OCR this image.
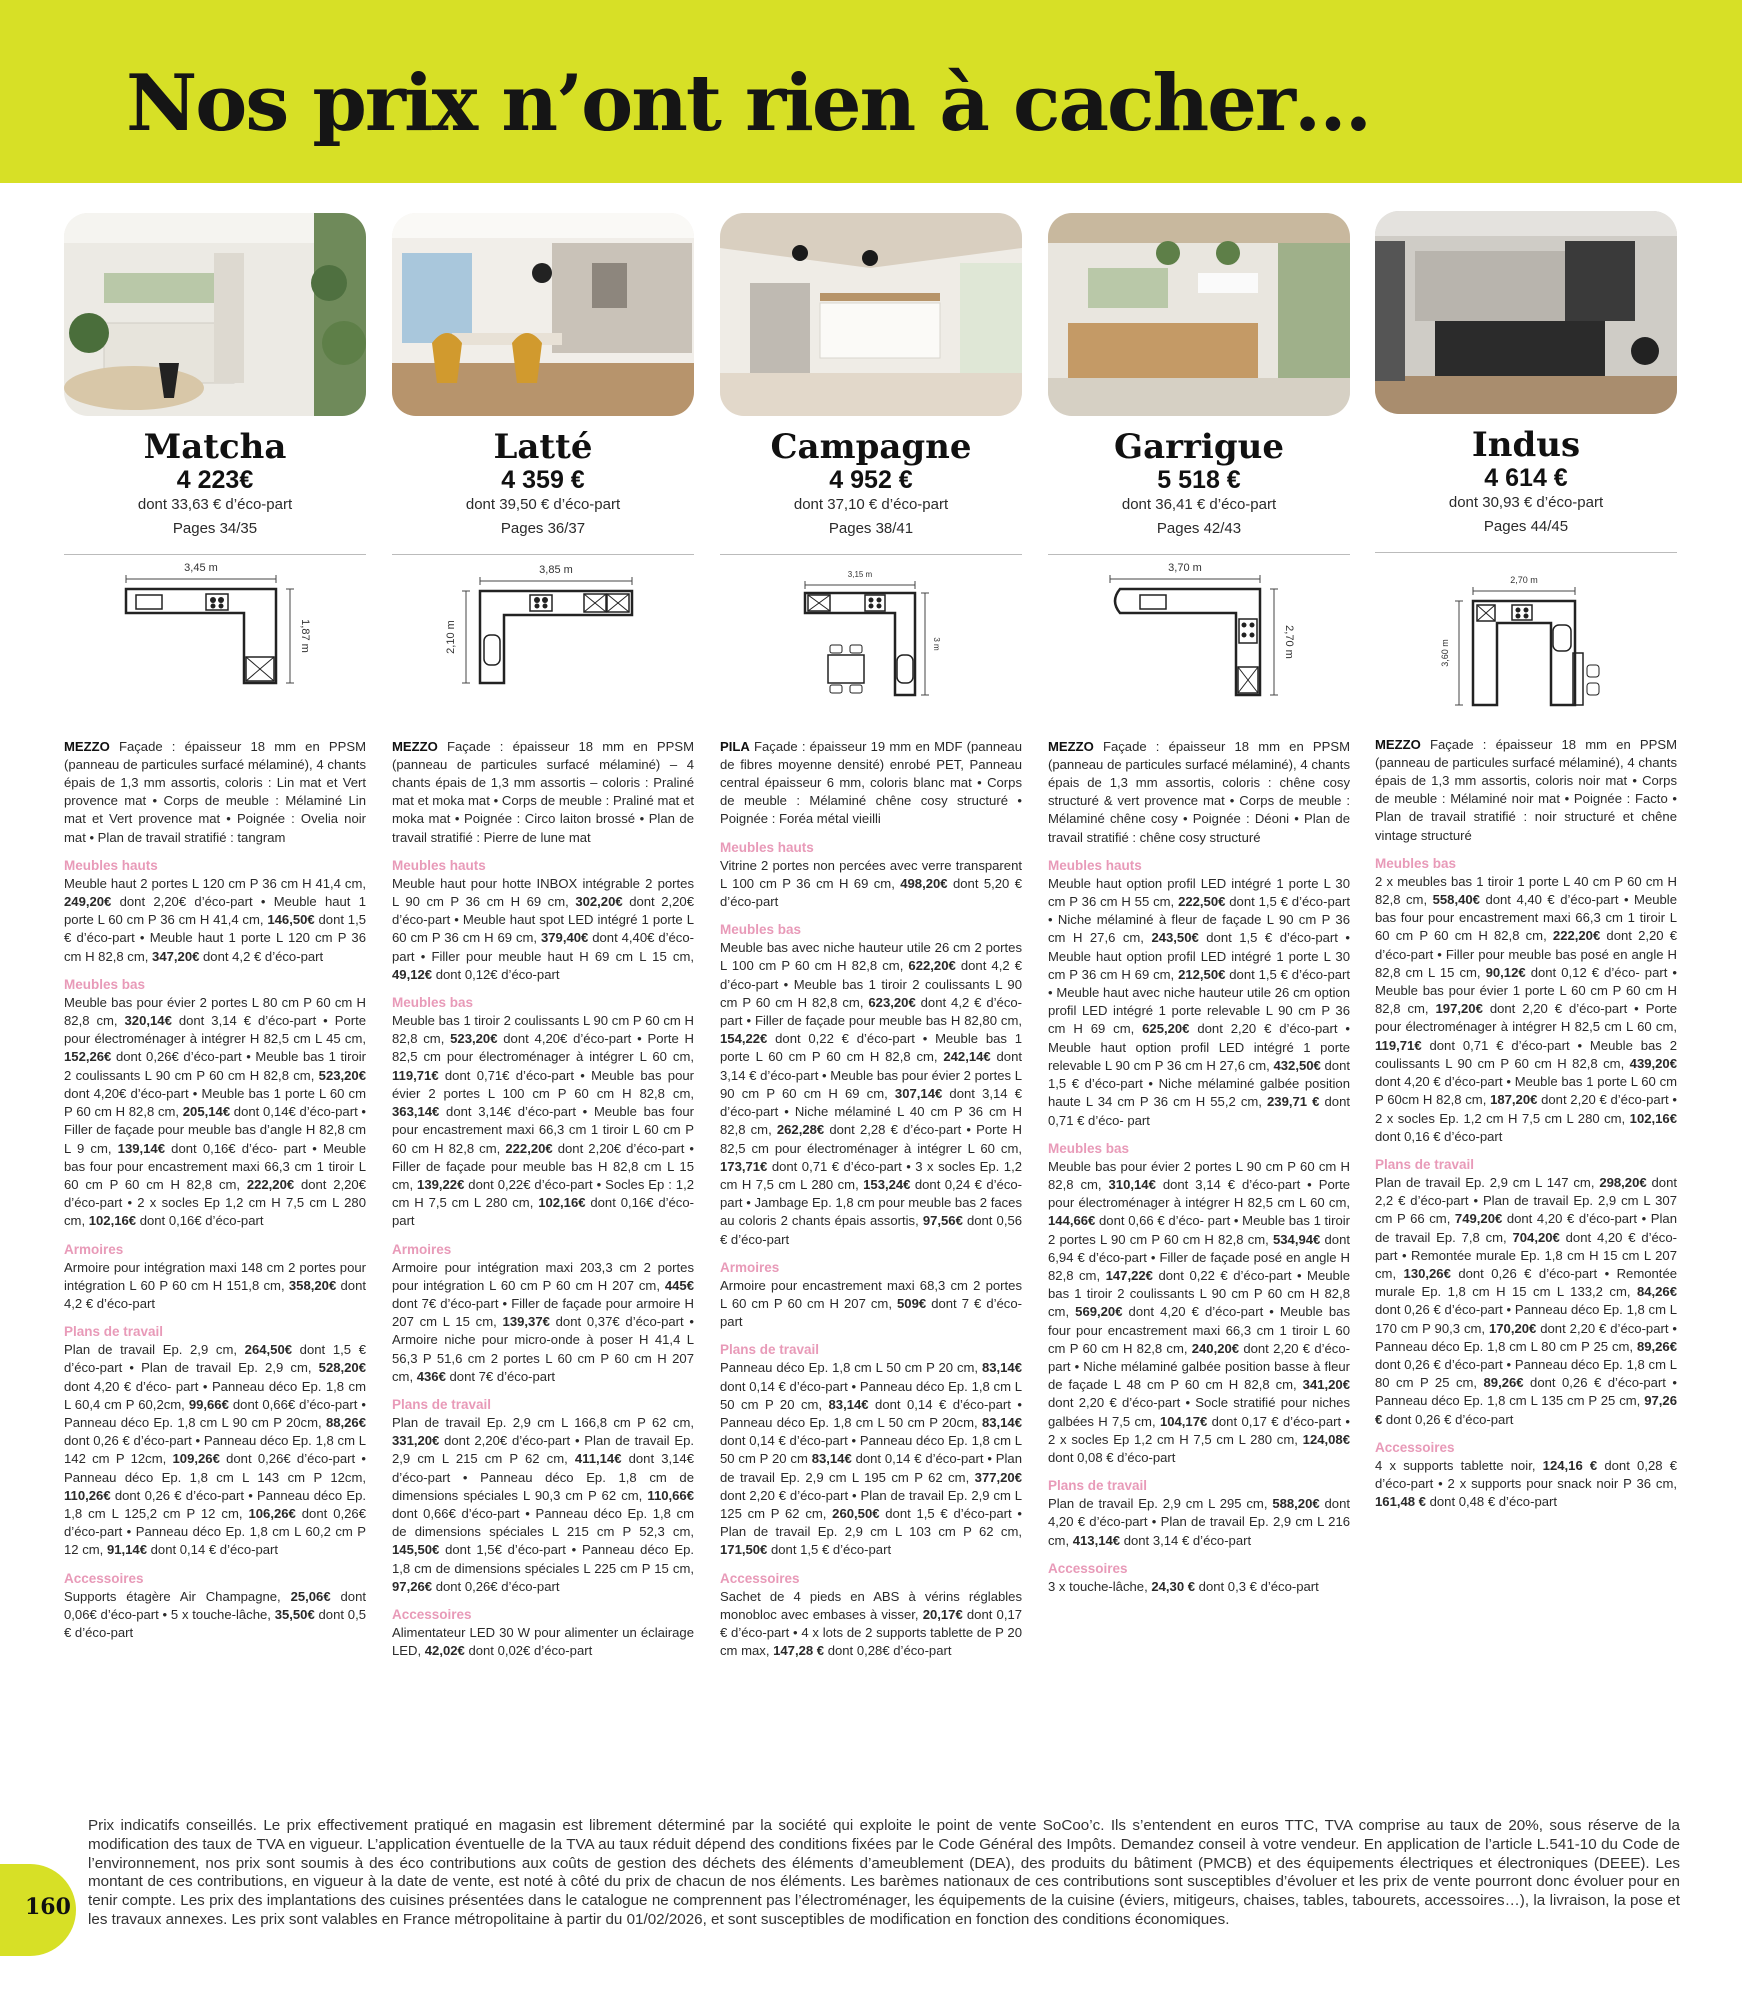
Nos prix n’ont rien à cacher…
Matcha
4 223€
dont 33,63 € d’éco-part
Pages 34/35
3,45 m
1,87 m
MEZZO Façade : épaisseur 18 mm en PPSM (panneau de particules surfacé mélaminé), 4 chants épais de 1,3 mm assortis, coloris : Lin mat et Vert provence mat • Corps de meuble : Mélaminé Lin mat et Vert provence mat • Poignée : Ovelia noir mat • Plan de travail stratifié : tangram
Meubles hauts
Meuble haut 2 portes L 120 cm P 36 cm H 41,4 cm, 249,20€ dont 2,20€ d’éco-part • Meuble haut 1 porte L 60 cm P 36 cm H 41,4 cm, 146,50€ dont 1,5 € d’éco-part • Meuble haut 1 porte L 120 cm P 36 cm H 82,8 cm, 347,20€ dont 4,2 € d’éco-part
Meubles bas
Meuble bas pour évier 2 portes L 80 cm P 60 cm H 82,8 cm, 320,14€ dont 3,14 € d’éco-part • Porte pour électroménager à intégrer H 82,5 cm L 45 cm, 152,26€ dont 0,26€ d’éco-part • Meuble bas 1 tiroir 2 coulissants L 90 cm P 60 cm H 82,8 cm, 523,20€ dont 4,20€ d’éco-part • Meuble bas 1 porte L 60 cm P 60 cm H 82,8 cm, 205,14€ dont 0,14€ d’éco-part • Filler de façade pour meuble bas d’angle H 82,8 cm L 9 cm, 139,14€ dont 0,16€ d’éco- part • Meuble bas four pour encastrement maxi 66,3 cm 1 tiroir L 60 cm P 60 cm H 82,8 cm, 222,20€ dont 2,20€ d’éco-part • 2 x socles Ep 1,2 cm H 7,5 cm L 280 cm, 102,16€ dont 0,16€ d’éco-part
Armoires
Armoire pour intégration maxi 148 cm 2 portes pour intégration L 60 P 60 cm H 151,8 cm, 358,20€ dont 4,2 € d’éco-part
Plans de travail
Plan de travail Ep. 2,9 cm, 264,50€ dont 1,5 € d’éco-part • Plan de travail Ep. 2,9 cm, 528,20€ dont 4,20 € d’éco- part • Panneau déco Ep. 1,8 cm L 60,4 cm P 60,2cm, 99,66€ dont 0,66€ d’éco-part • Panneau déco Ep. 1,8 cm L 90 cm P 20cm, 88,26€ dont 0,26 € d’éco-part • Panneau déco Ep. 1,8 cm L 142 cm P 12cm, 109,26€ dont 0,26€ d’éco-part • Panneau déco Ep. 1,8 cm L 143 cm P 12cm, 110,26€ dont 0,26 € d’éco-part • Panneau déco Ep. 1,8 cm L 125,2 cm P 12 cm, 106,26€ dont 0,26€ d’éco-part • Panneau déco Ep. 1,8 cm L 60,2 cm P 12 cm, 91,14€ dont 0,14 € d’éco-part
Accessoires
Supports étagère Air Champagne, 25,06€ dont 0,06€ d’éco-part • 5 x touche-lâche, 35,50€ dont 0,5 € d’éco-part
Latté
4 359 €
dont 39,50 € d’éco-part
Pages 36/37
3,85 m
2,10 m
MEZZO Façade : épaisseur 18 mm en PPSM (panneau de particules surfacé mélaminé) – 4 chants épais de 1,3 mm assortis – coloris : Praliné mat et moka mat • Corps de meuble : Praliné mat et moka mat • Poignée : Circo laiton brossé • Plan de travail stratifié : Pierre de lune mat
Meubles hauts
Meuble haut pour hotte INBOX intégrable 2 portes L 90 cm P 36 cm H 69 cm, 302,20€ dont 2,20€ d’éco-part • Meuble haut spot LED intégré 1 porte L 60 cm P 36 cm H 69 cm, 379,40€ dont 4,40€ d’éco-part • Filler pour meuble haut H 69 cm L 15 cm, 49,12€ dont 0,12€ d’éco-part
Meubles bas
Meuble bas 1 tiroir 2 coulissants L 90 cm P 60 cm H 82,8 cm, 523,20€ dont 4,20€ d’éco-part • Porte H 82,5 cm pour électroménager à intégrer L 60 cm, 119,71€ dont 0,71€ d’éco-part • Meuble bas pour évier 2 portes L 100 cm P 60 cm H 82,8 cm, 363,14€ dont 3,14€ d’éco-part • Meuble bas four pour encastrement maxi 66,3 cm 1 tiroir L 60 cm P 60 cm H 82,8 cm, 222,20€ dont 2,20€ d’éco-part • Filler de façade pour meuble bas H 82,8 cm L 15 cm, 139,22€ dont 0,22€ d’éco-part • Socles Ep : 1,2 cm H 7,5 cm L 280 cm, 102,16€ dont 0,16€ d’éco-part
Armoires
Armoire pour intégration maxi 203,3 cm 2 portes pour intégration L 60 cm P 60 cm H 207 cm, 445€ dont 7€ d’éco-part • Filler de façade pour armoire H 207 cm L 15 cm, 139,37€ dont 0,37€ d’éco-part • Armoire niche pour micro-onde à poser H 41,4 L 56,3 P 51,6 cm 2 portes L 60 cm P 60 cm H 207 cm, 436€ dont 7€ d’éco-part
Plans de travail
Plan de travail Ep. 2,9 cm L 166,8 cm P 62 cm, 331,20€ dont 2,20€ d’éco-part • Plan de travail Ep. 2,9 cm L 215 cm P 62 cm, 411,14€ dont 3,14€ d’éco-part • Panneau déco Ep. 1,8 cm de dimensions spéciales L 90,3 cm P 62 cm, 110,66€ dont 0,66€ d’éco-part • Panneau déco Ep. 1,8 cm de dimensions spéciales L 215 cm P 52,3 cm, 145,50€ dont 1,5€ d’éco-part • Panneau déco Ep. 1,8 cm de dimensions spéciales L 225 cm P 15 cm, 97,26€ dont 0,26€ d’éco-part
Accessoires
Alimentateur LED 30 W pour alimenter un éclairage LED, 42,02€ dont 0,02€ d’éco-part
Campagne
4 952 €
dont 37,10 € d’éco-part
Pages 38/41
3,15 m
3 m
PILA Façade : épaisseur 19 mm en MDF (panneau de fibres moyenne densité) enrobé PET, Panneau central épaisseur 6 mm, coloris blanc mat • Corps de meuble : Mélaminé chêne cosy structuré • Poignée : Foréa métal vieilli
Meubles hauts
Vitrine 2 portes non percées avec verre transparent L 100 cm P 36 cm H 69 cm, 498,20€ dont 5,20 € d’éco-part
Meubles bas
Meuble bas avec niche hauteur utile 26 cm 2 portes L 100 cm P 60 cm H 82,8 cm, 622,20€ dont 4,2 € d’éco-part • Meuble bas 1 tiroir 2 coulissants L 90 cm P 60 cm H 82,8 cm, 623,20€ dont 4,2 € d’éco-part • Filler de façade pour meuble bas H 82,80 cm, 154,22€ dont 0,22 € d’éco-part • Meuble bas 1 porte L 60 cm P 60 cm H 82,8 cm, 242,14€ dont 3,14 € d’éco-part • Meuble bas pour évier 2 portes L 90 cm P 60 cm H 69 cm, 307,14€ dont 3,14 € d’éco-part • Niche mélaminé L 40 cm P 36 cm H 82,8 cm, 262,28€ dont 2,28 € d’éco-part • Porte H 82,5 cm pour électroménager à intégrer L 60 cm, 173,71€ dont 0,71 € d’éco-part • 3 x socles Ep. 1,2 cm H 7,5 cm L 280 cm, 153,24€ dont 0,24 € d’éco-part • Jambage Ep. 1,8 cm pour meuble bas 2 faces au coloris 2 chants épais assortis, 97,56€ dont 0,56 € d’éco-part
Armoires
Armoire pour encastrement maxi 68,3 cm 2 portes L 60 cm P 60 cm H 207 cm, 509€ dont 7 € d’éco-part
Plans de travail
Panneau déco Ep. 1,8 cm L 50 cm P 20 cm, 83,14€ dont 0,14 € d’éco-part • Panneau déco Ep. 1,8 cm L 50 cm P 20 cm, 83,14€ dont 0,14 € d’éco-part • Panneau déco Ep. 1,8 cm L 50 cm P 20cm, 83,14€ dont 0,14 € d’éco-part • Panneau déco Ep. 1,8 cm L 50 cm P 20 cm 83,14€ dont 0,14 € d’éco-part • Plan de travail Ep. 2,9 cm L 195 cm P 62 cm, 377,20€ dont 2,20 € d’éco-part • Plan de travail Ep. 2,9 cm L 125 cm P 62 cm, 260,50€ dont 1,5 € d’éco-part • Plan de travail Ep. 2,9 cm L 103 cm P 62 cm, 171,50€ dont 1,5 € d’éco-part
Accessoires
Sachet de 4 pieds en ABS à vérins réglables monobloc avec embases à visser, 20,17€ dont 0,17 € d’éco-part • 4 x lots de 2 supports tablette de P 20 cm max, 147,28 € dont 0,28€ d’éco-part
Garrigue
5 518 €
dont 36,41 € d’éco-part
Pages 42/43
3,70 m
2,70 m
MEZZO Façade : épaisseur 18 mm en PPSM (panneau de particules surfacé mélaminé), 4 chants épais de 1,3 mm assortis, coloris : chêne cosy structuré & vert provence mat • Corps de meuble : Mélaminé chêne cosy • Poignée : Déoni • Plan de travail stratifié : chêne cosy structuré
Meubles hauts
Meuble haut option profil LED intégré 1 porte L 30 cm P 36 cm H 55 cm, 222,50€ dont 1,5 € d’éco-part • Niche mélaminé à fleur de façade L 90 cm P 36 cm H 27,6 cm, 243,50€ dont 1,5 € d’éco-part • Meuble haut option profil LED intégré 1 porte L 30 cm P 36 cm H 69 cm, 212,50€ dont 1,5 € d’éco-part • Meuble haut avec niche hauteur utile 26 cm option profil LED intégré 1 porte relevable L 90 cm P 36 cm H 69 cm, 625,20€ dont 2,20 € d’éco-part • Meuble haut option profil LED intégré 1 porte relevable L 90 cm P 36 cm H 27,6 cm, 432,50€ dont 1,5 € d’éco-part • Niche mélaminé galbée position haute L 34 cm P 36 cm H 55,2 cm, 239,71 € dont 0,71 € d’éco- part
Meubles bas
Meuble bas pour évier 2 portes L 90 cm P 60 cm H 82,8 cm, 310,14€ dont 3,14 € d’éco-part • Porte pour électroménager à intégrer H 82,5 cm L 60 cm, 144,66€ dont 0,66 € d’éco- part • Meuble bas 1 tiroir 2 portes L 90 cm P 60 cm H 82,8 cm, 534,94€ dont 6,94 € d’éco-part • Filler de façade posé en angle H 82,8 cm, 147,22€ dont 0,22 € d’éco-part • Meuble bas 1 tiroir 2 coulissants L 90 cm P 60 cm H 82,8 cm, 569,20€ dont 4,20 € d’éco-part • Meuble bas four pour encastrement maxi 66,3 cm 1 tiroir L 60 cm P 60 cm H 82,8 cm, 240,20€ dont 2,20 € d’éco-part • Niche mélaminé galbée position basse à fleur de façade L 48 cm P 60 cm H 82,8 cm, 341,20€ dont 2,20 € d’éco-part • Socle stratifié pour niches galbées H 7,5 cm, 104,17€ dont 0,17 € d’éco-part • 2 x socles Ep 1,2 cm H 7,5 cm L 280 cm, 124,08€ dont 0,08 € d’éco-part
Plans de travail
Plan de travail Ep. 2,9 cm L 295 cm, 588,20€ dont 4,20 € d’éco-part • Plan de travail Ep. 2,9 cm L 216 cm, 413,14€ dont 3,14 € d’éco-part
Accessoires
3 x touche-lâche, 24,30 € dont 0,3 € d’éco-part
Indus
4 614 €
dont 30,93 € d’éco-part
Pages 44/45
2,70 m
3,60 m
MEZZO Façade : épaisseur 18 mm en PPSM (panneau de particules surfacé mélaminé), 4 chants épais de 1,3 mm assortis, coloris noir mat • Corps de meuble : Mélaminé noir mat • Poignée : Facto • Plan de travail stratifié : noir structuré et chêne vintage structuré
Meubles bas
2 x meubles bas 1 tiroir 1 porte L 40 cm P 60 cm H 82,8 cm, 558,40€ dont 4,40 € d’éco-part • Meuble bas four pour encastrement maxi 66,3 cm 1 tiroir L 60 cm P 60 cm H 82,8 cm, 222,20€ dont 2,20 € d’éco-part • Filler pour meuble bas posé en angle H 82,8 cm L 15 cm, 90,12€ dont 0,12 € d’éco- part • Meuble bas pour évier 1 porte L 60 cm P 60 cm H 82,8 cm, 197,20€ dont 2,20 € d’éco-part • Porte pour électroménager à intégrer H 82,5 cm L 60 cm, 119,71€ dont 0,71 € d’éco-part • Meuble bas 2 coulissants L 90 cm P 60 cm H 82,8 cm, 439,20€ dont 4,20 € d’éco-part • Meuble bas 1 porte L 60 cm P 60cm H 82,8 cm, 187,20€ dont 2,20 € d’éco-part • 2 x socles Ep. 1,2 cm H 7,5 cm L 280 cm, 102,16€ dont 0,16 € d’éco-part
Plans de travail
Plan de travail Ep. 2,9 cm L 147 cm, 298,20€ dont 2,2 € d’éco-part • Plan de travail Ep. 2,9 cm L 307 cm P 66 cm, 749,20€ dont 4,20 € d’éco-part • Plan de travail Ep. 7,8 cm, 704,20€ dont 4,20 € d’éco-part • Remontée murale Ep. 1,8 cm H 15 cm L 207 cm, 130,26€ dont 0,26 € d’éco-part • Remontée murale Ep. 1,8 cm H 15 cm L 133,2 cm, 84,26€ dont 0,26 € d’éco-part • Panneau déco Ep. 1,8 cm L 170 cm P 90,3 cm, 170,20€ dont 2,20 € d’éco-part • Panneau déco Ep. 1,8 cm L 80 cm P 25 cm, 89,26€ dont 0,26 € d’éco-part • Panneau déco Ep. 1,8 cm L 80 cm P 25 cm, 89,26€ dont 0,26 € d’éco-part • Panneau déco Ep. 1,8 cm L 135 cm P 25 cm, 97,26 € dont 0,26 € d’éco-part
Accessoires
4 x supports tablette noir, 124,16 € dont 0,28 € d’éco-part • 2 x supports pour snack noir P 36 cm, 161,48 € dont 0,48 € d’éco-part
160
Prix indicatifs conseillés. Le prix effectivement pratiqué en magasin est librement déterminé par la société qui exploite le point de vente SoCoo’c. Ils s’entendent en euros TTC, TVA comprise au taux de 20%, sous réserve de la modification des taux de TVA en vigueur. L’application éventuelle de la TVA au taux réduit dépend des conditions fixées par le Code Général des Impôts. Demandez conseil à votre vendeur. En application de l’article L.541-10 du Code de l’environnement, nos prix sont soumis à des éco contributions aux coûts de gestion des déchets des éléments d’ameublement (DEA), des produits du bâtiment (PMCB) et des équipements électriques et électroniques (DEEE). Les montant de ces contributions, en vigueur à la date de vente, est noté à côté du prix de chacun de nos éléments. Les barèmes nationaux de ces contributions sont susceptibles d’évoluer et les prix de vente pourront donc évoluer pour en tenir compte. Les prix des implantations des cuisines présentées dans le catalogue ne comprennent pas l’électroménager, les équipements de la cuisine (éviers, mitigeurs, chaises, tables, tabourets, accessoires…), la livraison, la pose et les travaux annexes. Les prix sont valables en France métropolitaine à partir du 01/02/2026, et sont susceptibles de modification en fonction des conditions économiques.
